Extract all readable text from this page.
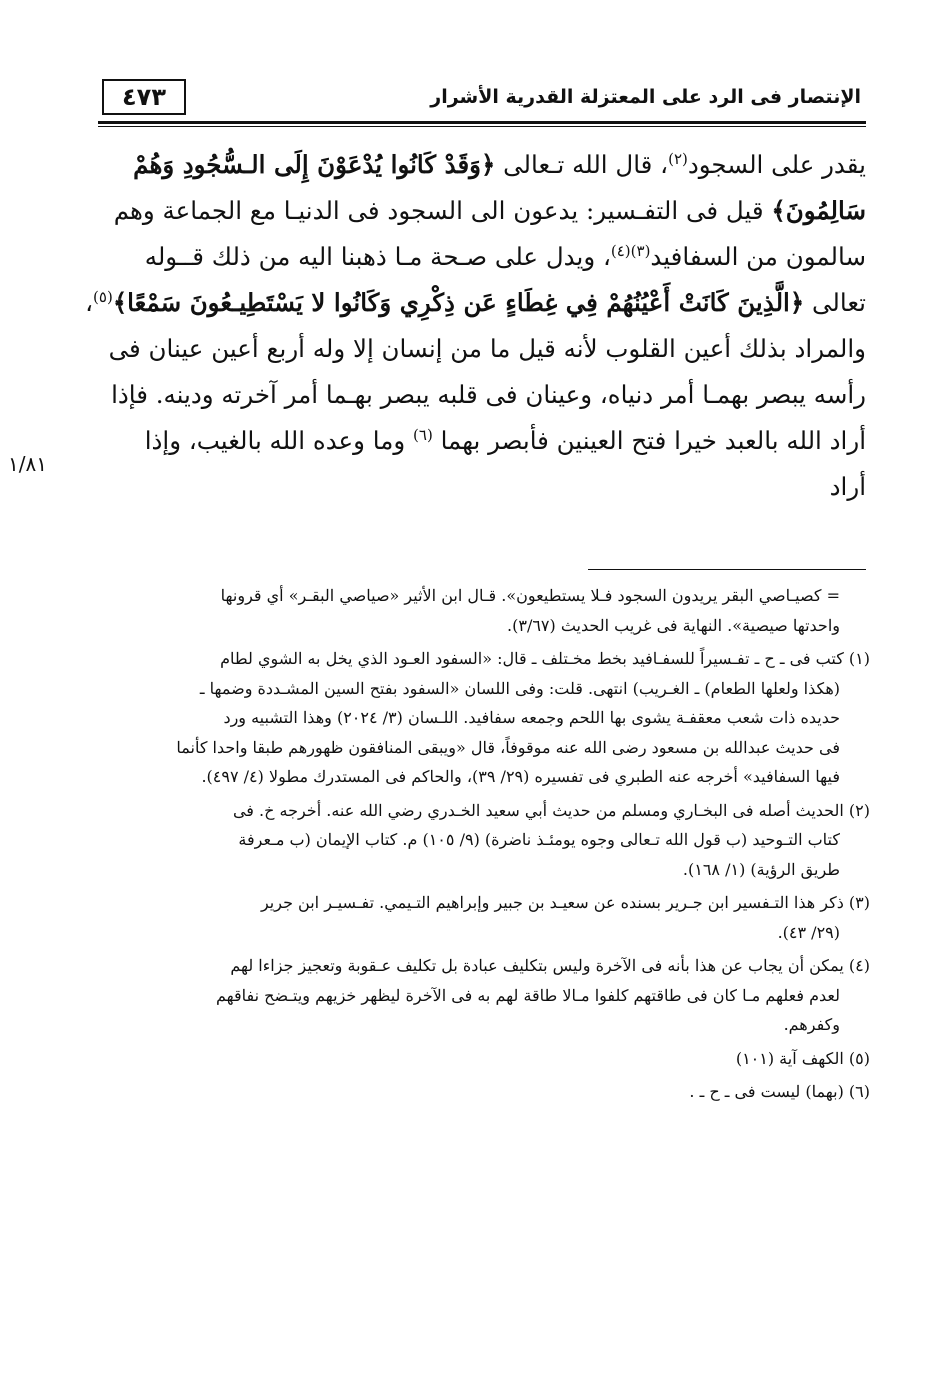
٤٧٣	الإنتصار فى الرد على المعتزلة القدرية الأشرار
يقدر على السجود$^{(٢)}$، قال الله تـعالى ﴿وَقَدْ كَانُوا يُدْعَوْنَ إِلَى الـسُّجُودِ وَهُمْ
سَالِمُونَ﴾ قيل فى التفـسير: يدعون الى السجود فى الدنيـا مع الجماعة وهم
سالمون من السفافيد$^{(٣)(٤)}$، ويدل على صـحة مـا ذهبنا اليه من ذلك قــوله
تعالى ﴿الَّذِينَ كَانَتْ أَعْيُنُهُمْ فِي غِطَاءٍ عَن ذِكْرِي وَكَانُوا لا يَسْتَطِيـعُونَ سَمْعًا﴾$^{(٥)}$،
والمراد بذلك أعين القلوب لأنه قيل ما من إنسان إلا وله أربع أعين عينان فى
رأسه يبصر بهمـا أمر دنياه، وعينان فى قلبه يبصر بهـما أمر آخرته ودينه. فإذا
أراد الله بالعبد خيرا فتح العينين فأبصر بهما $^{(٦)}$ وما وعده الله بالغيب، وإذا
أراد
١/٨١
= كصيـاصي البقر يريدون السجود فـلا يستطيعون». قـال ابن الأثير «صياصي البقـر» أي قرونها
واحدتها صيصية». النهاية فى غريب الحديث (٣/٦٧).
(١) كتب فى ـ ح ـ تفـسيراً للسفـافيد بخط مخـتلف ـ قال: «السفود العـود الذي يخل به الشوي لطام
(هكذا ولعلها الطعام) ـ الغـريب) انتهى. قلت: وفى اللسان «السفود بفتح السين المشـددة وضمها ـ
حديده ذات شعب معقفـة يشوى بها اللحم وجمعه سفافيد. اللـسان (٣/ ٢٠٢٤) وهذا التشبيه ورد
فى حديث عبدالله بن مسعود رضى الله عنه موقوفاً، قال «ويبقى المنافقون ظهورهم طبقا واحدا كأنما
فيها السفافيد» أخرجه عنه الطبري فى تفسيره (٢٩/ ٣٩)، والحاكم فى المستدرك مطولا (٤/ ٤٩٧).
(٢) الحديث أصله فى البخـاري ومسلم من حديث أبي سعيد الخـدري رضي الله عنه. أخرجه خ. فى
كتاب التـوحيد (ب قول الله تـعالى وجوه يومئـذ ناضرة) (٩/ ١٠٥) م. كتاب الإيمان (ب مـعرفة
طريق الرؤية) (١/ ١٦٨).
(٣) ذكر هذا التـفسير ابن جـرير بسنده عن سعيـد بن جبير وإبراهيم التـيمي. تفـسيـر ابن جرير
(٢٩/ ٤٣).
(٤) يمكن أن يجاب عن هذا بأنه فى الآخرة وليس بتكليف عبادة بل تكليف عـقوبة وتعجيز جزاءا لهم
لعدم فعلهم مـا كان فى طاقتهم كلفوا مـالا طاقة لهم به فى الآخرة ليظهر خزيهم ويتـضح نفاقهم
وكفرهم.
(٥) الكهف آية (١٠١)
(٦) (بهما) ليست فى ـ ح ـ .
